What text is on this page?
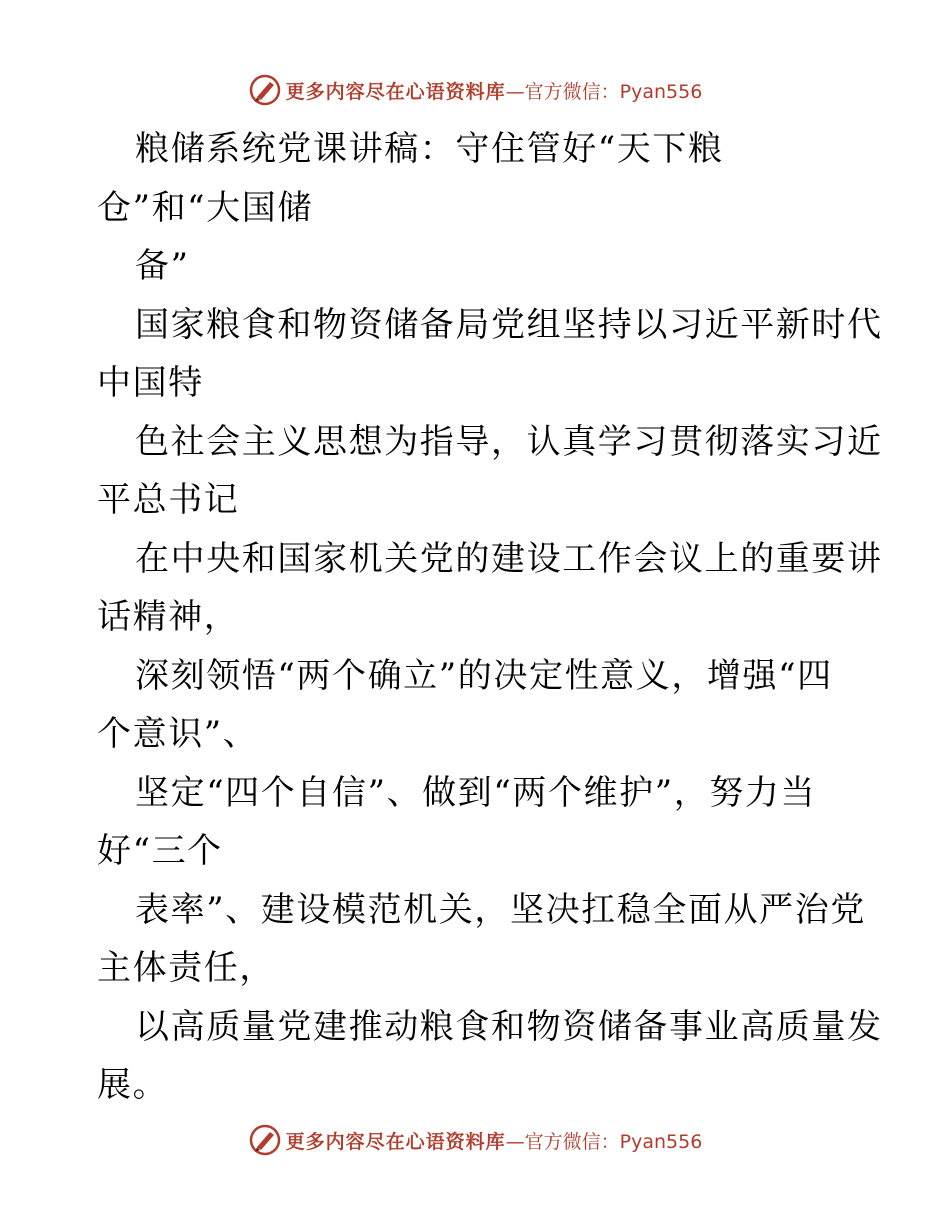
更多内容尽在心语资料库 —官方微信：Pyan556
粮储系统党课讲稿：守住管好“天下粮
仓”和“大国储
备”
国家粮食和物资储备局党组坚持以习近平新时代
中国特
色社会主义思想为指导，认真学习贯彻落实习近
平总书记
在中央和国家机关党的建设工作会议上的重要讲
话精神，
深刻领悟“两个确立”的决定性意义，增强“四
个意识”、
坚定“四个自信”、做到“两个维护”，努力当
好“三个
表率”、建设模范机关，坚决扛稳全面从严治党
主体责任，
以高质量党建推动粮食和物资储备事业高质量发
展。
更多内容尽在心语资料库 —官方微信：Pyan556
